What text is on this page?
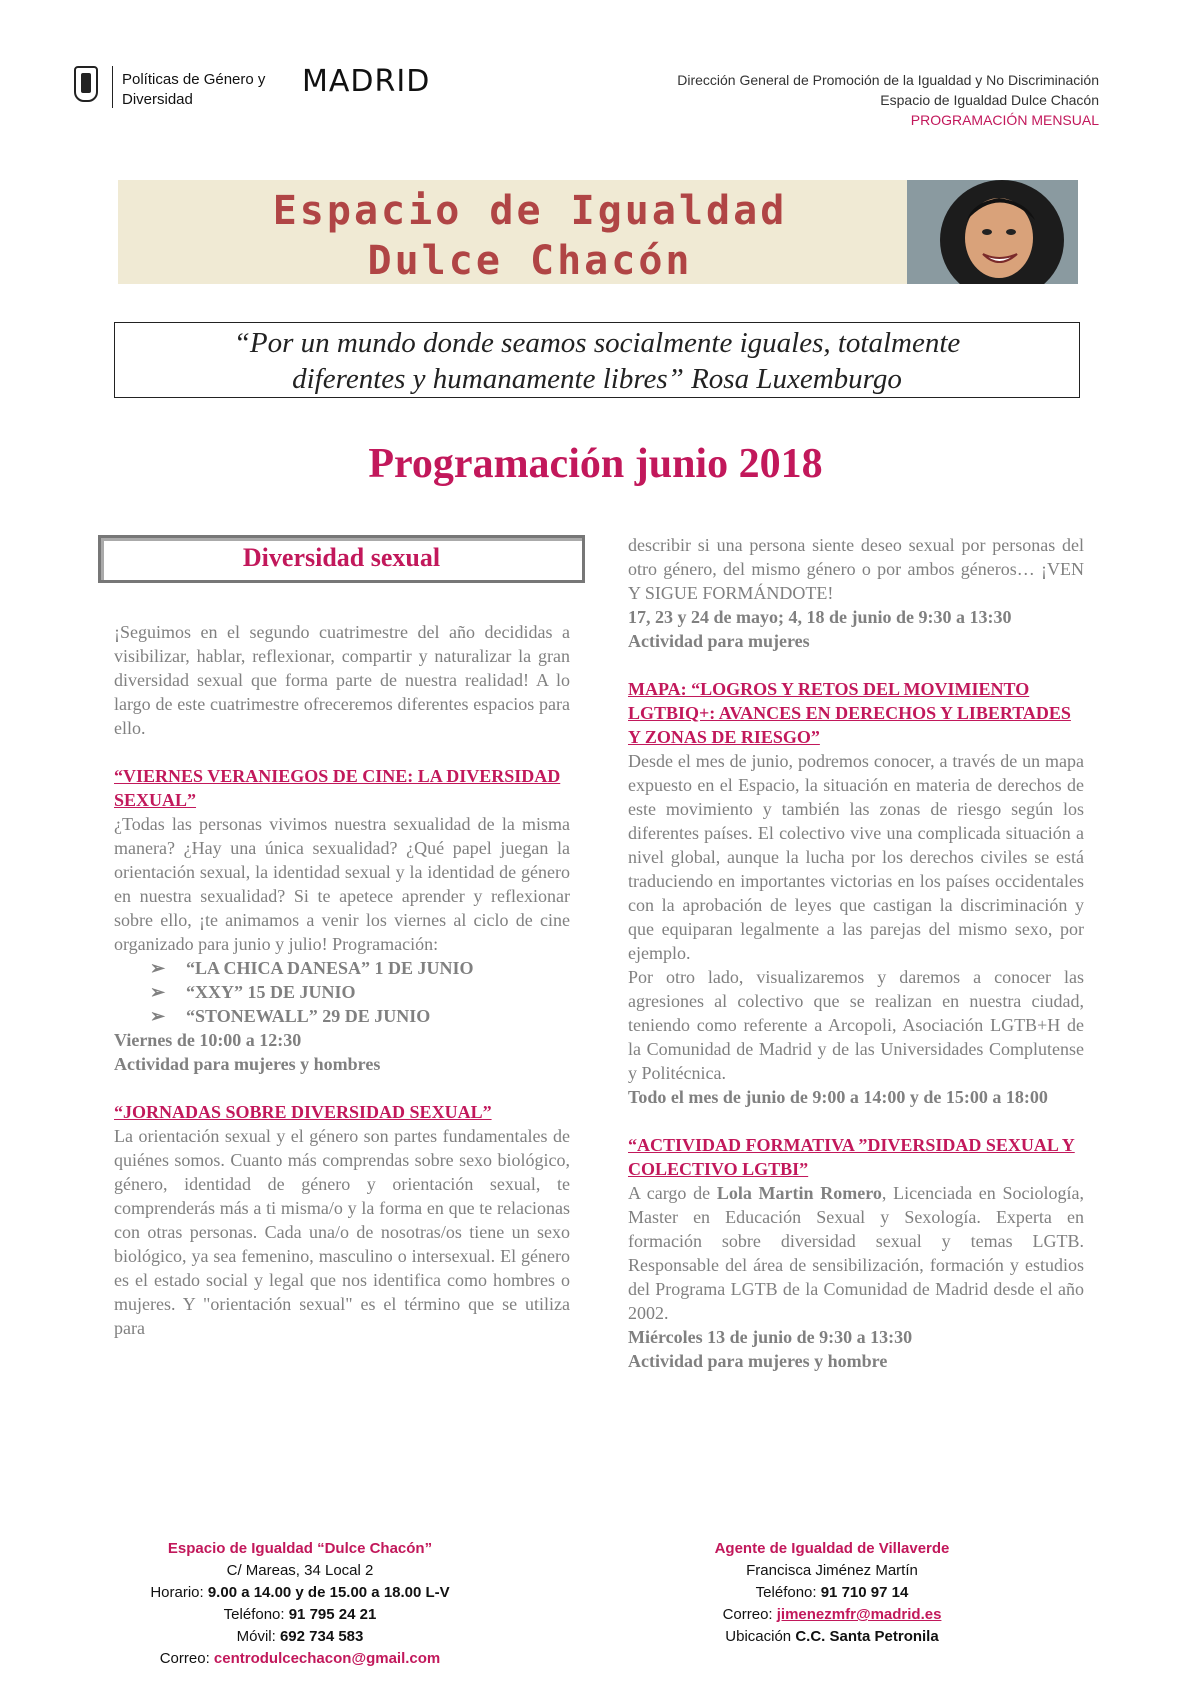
Políticas de Género y Diversidad
MADRID	Dirección General de Promoción de la Igualdad y No Discriminación
Espacio de Igualdad Dulce Chacón
PROGRAMACIÓN MENSUAL
Espacio de Igualdad
Dulce Chacón
“Por un mundo donde seamos socialmente iguales, totalmente
diferentes y humanamente libres” Rosa Luxemburgo
Programación junio 2018
Diversidad sexual

¡Seguimos en el segundo cuatrimestre del año decididas a visibilizar, hablar, reflexionar, compartir y naturalizar la gran diversidad sexual que forma parte de nuestra realidad! A lo largo de este cuatrimestre ofreceremos diferentes espacios para ello.

“VIERNES VERANIEGOS DE CINE: LA DIVERSIDAD SEXUAL”

¿Todas las personas vivimos nuestra sexualidad de la misma manera? ¿Hay una única sexualidad? ¿Qué papel juegan la orientación sexual, la identidad sexual y la identidad de género en nuestra sexualidad? Si te apetece aprender y reflexionar sobre ello, ¡te animamos a venir los viernes al ciclo de cine organizado para junio y julio! Programación:

➢ “LA CHICA DANESA” 1 DE JUNIO
➢ “XXY” 15 DE JUNIO
➢ “STONEWALL” 29 DE JUNIO

Viernes de 10:00 a 12:30

Actividad para mujeres y hombres

“JORNADAS SOBRE DIVERSIDAD SEXUAL”

La orientación sexual y el género son partes fundamentales de quiénes somos. Cuanto más comprendas sobre sexo biológico, género, identidad de género y orientación sexual, te comprenderás más a ti misma/o y la forma en que te relacionas con otras personas. Cada una/o de nosotras/os tiene un sexo biológico, ya sea femenino, masculino o intersexual. El género es el estado social y legal que nos identifica como hombres o mujeres. Y "orientación sexual" es el término que se utiliza para

describir si una persona siente deseo sexual por personas del otro género, del mismo género o por ambos géneros… ¡VEN Y SIGUE FORMÁNDOTE!

17, 23 y 24 de mayo; 4, 18 de junio de 9:30 a 13:30

Actividad para mujeres

MAPA: “LOGROS Y RETOS DEL MOVIMIENTO LGTBIQ+: AVANCES EN DERECHOS Y LIBERTADES Y ZONAS DE RIESGO”

Desde el mes de junio, podremos conocer, a través de un mapa expuesto en el Espacio, la situación en materia de derechos de este movimiento y también las zonas de riesgo según los diferentes países. El colectivo vive una complicada situación a nivel global, aunque la lucha por los derechos civiles se está traduciendo en importantes victorias en los países occidentales con la aprobación de leyes que castigan la discriminación y que equiparan legalmente a las parejas del mismo sexo, por ejemplo.

Por otro lado, visualizaremos y daremos a conocer las agresiones al colectivo que se realizan en nuestra ciudad, teniendo como referente a Arcopoli, Asociación LGTB+H de la Comunidad de Madrid y de las Universidades Complutense y Politécnica.

Todo el mes de junio de 9:00 a 14:00 y de 15:00 a 18:00

“ACTIVIDAD FORMATIVA ”DIVERSIDAD SEXUAL Y COLECTIVO LGTBI”

A cargo de Lola Martin Romero, Licenciada en Sociología, Master en Educación Sexual y Sexología. Experta en formación sobre diversidad sexual y temas LGTB. Responsable del área de sensibilización, formación y estudios del Programa LGTB de la Comunidad de Madrid desde el año 2002.

Miércoles 13 de junio de 9:30 a 13:30

Actividad para mujeres y hombre

Espacio de Igualdad “Dulce Chacón”
C/ Mareas, 34 Local 2
Horario: 9.00 a 14.00 y de 15.00 a 18.00 L-V
Teléfono: 91 795 24 21
Móvil: 692 734 583
Correo: centrodulcechacon@gmail.com
Agente de Igualdad de Villaverde
Francisca Jiménez Martín
Teléfono: 91 710 97 14
Correo: jimenezmfr@madrid.es
Ubicación C.C. Santa Petronila
